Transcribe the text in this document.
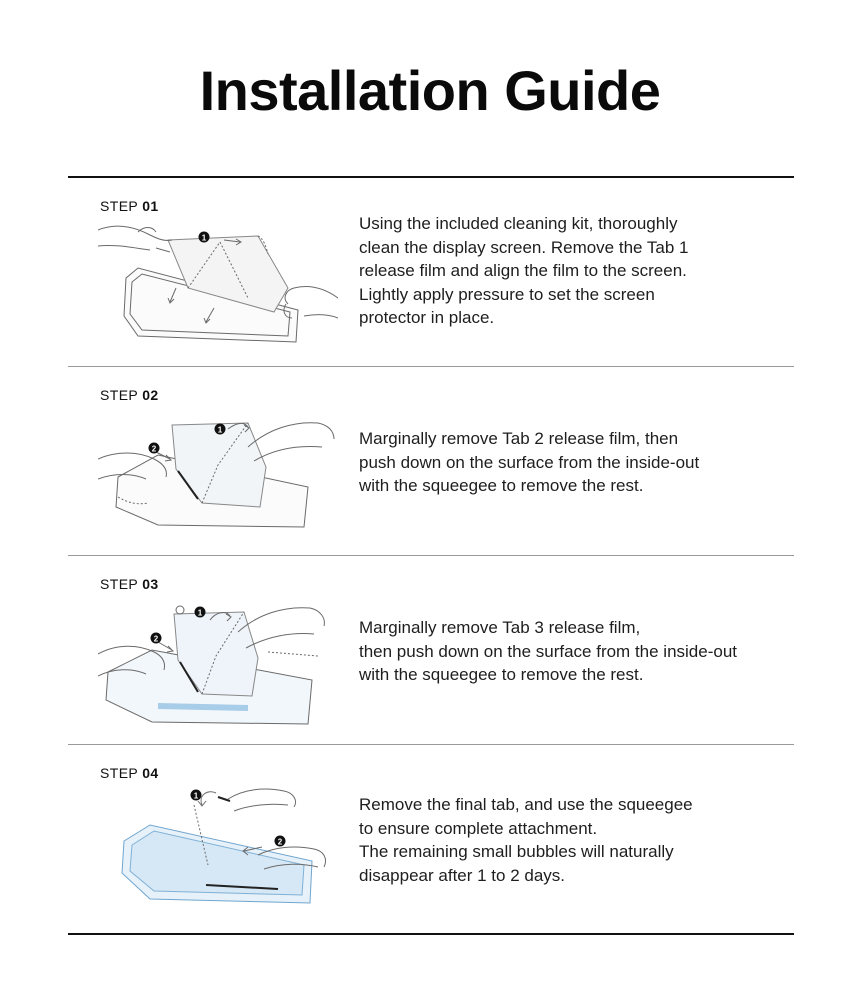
Installation Guide
STEP 01
1
Using the included cleaning kit, thoroughly
clean the display screen. Remove the Tab 1
release film and align the film to the screen.
Lightly apply pressure to set the screen
protector in place.
STEP 02
1
2
Marginally remove Tab 2 release film, then
push down on the surface from the inside-out
with the squeegee to remove the rest.
STEP 03
1
2
Marginally remove Tab 3 release film,
then push down on the surface from the inside-out
with the squeegee to remove the rest.
STEP 04
1
2
Remove the final tab, and use the squeegee
to ensure complete attachment.
The remaining small bubbles will naturally
disappear after 1 to 2 days.
